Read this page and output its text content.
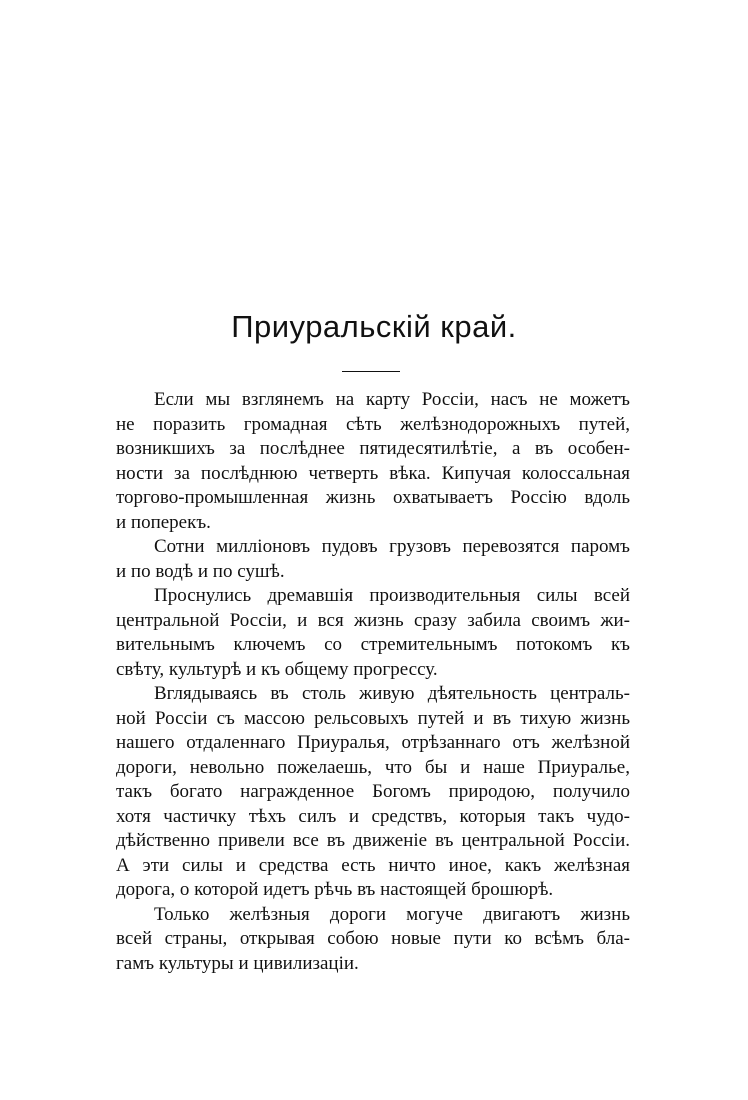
Приуральскій край.
Если мы взглянемъ на карту Россіи, насъ не можетъ
не поразить громадная сѣть желѣзнодорожныхъ путей,
возникшихъ за послѣднее пятидесятилѣтіе, а въ особен-
ности за послѣднюю четверть вѣка. Кипучая колоссальная
торгово-промышленная жизнь охватываетъ Россію вдоль
и поперекъ.
Сотни милліоновъ пудовъ грузовъ перевозятся паромъ
и по водѣ и по сушѣ.
Проснулись дремавшія производительныя силы всей
центральной Россіи, и вся жизнь сразу забила своимъ жи-
вительнымъ ключемъ со стремительнымъ потокомъ къ
свѣту, культурѣ и къ общему прогрессу.
Вглядываясь въ столь живую дѣятельность централь-
ной Россіи съ массою рельсовыхъ путей и въ тихую жизнь
нашего отдаленнаго Приуралья, отрѣзаннаго отъ желѣзной
дороги, невольно пожелаешь, что бы и наше Приуралье,
такъ богато награжденное Богомъ природою, получило
хотя частичку тѣхъ силъ и средствъ, которыя такъ чудо-
дѣйственно привели все въ движеніе въ центральной Россіи.
А эти силы и средства есть ничто иное, какъ желѣзная
дорога, о которой идетъ рѣчь въ настоящей брошюрѣ.
Только желѣзныя дороги могуче двигаютъ жизнь
всей страны, открывая собою новые пути ко всѣмъ бла-
гамъ культуры и цивилизаціи.
